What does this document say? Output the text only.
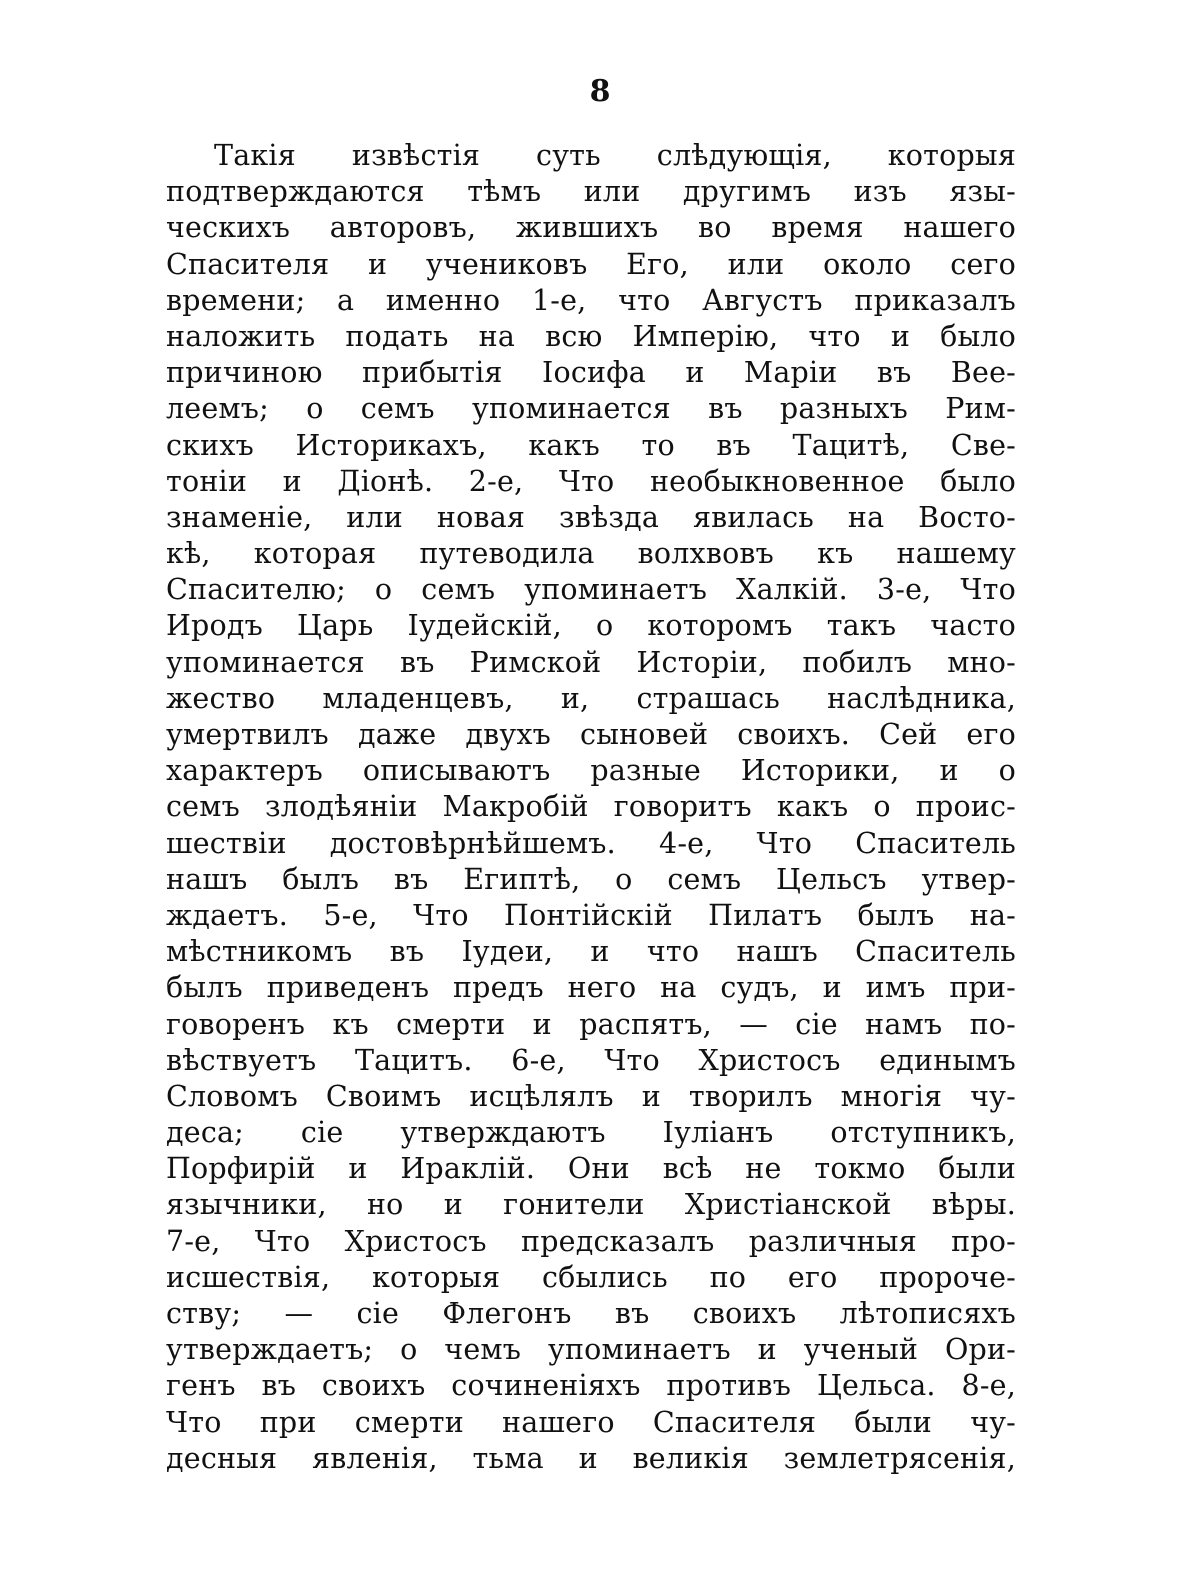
8
Такія извѣстія суть слѣдующія, которыя
подтверждаются тѣмъ или другимъ изъ язы-
ческихъ авторовъ, жившихъ во время нашего
Спасителя и учениковъ Его, или около сего
времени; а именно 1-е, что Августъ приказалъ
наложить подать на всю Имперію, что и было
причиною прибытія Іосифа и Маріи въ Вее-
леемъ; о семъ упоминается въ разныхъ Рим-
скихъ Историкахъ, какъ то въ Тацитѣ, Све-
тоніи и Діонѣ. 2-е, Что необыкновенное было
знаменіе, или новая звѣзда явилась на Восто-
кѣ, которая путеводила волхвовъ къ нашему
Спасителю; о семъ упоминаетъ Халкій. 3-е, Что
Иродъ Царь Іудейскій, о которомъ такъ часто
упоминается въ Римской Исторіи, побилъ мно-
жество младенцевъ, и, страшась наслѣдника,
умертвилъ даже двухъ сыновей своихъ. Сей его
характеръ описываютъ разные Историки, и о
семъ злодѣяніи Макробій говоритъ какъ о проис-
шествіи достовѣрнѣйшемъ. 4-е, Что Спаситель
нашъ былъ въ Египтѣ, о семъ Цельсъ утвер-
ждаетъ. 5-е, Что Понтійскій Пилатъ былъ на-
мѣстникомъ въ Іудеи, и что нашъ Спаситель
былъ приведенъ предъ него на судъ, и имъ при-
говоренъ къ смерти и распятъ, — сіе намъ по-
вѣствуетъ Тацитъ. 6-е, Что Христосъ единымъ
Словомъ Своимъ исцѣлялъ и творилъ многія чу-
деса; сіе утверждаютъ Іуліанъ отступникъ,
Порфирій и Ираклій. Они всѣ не токмо были
язычники, но и гонители Христіанской вѣры.
7-е, Что Христосъ предсказалъ различныя про-
исшествія, которыя сбылись по его пророче-
ству; — сіе Флегонъ въ своихъ лѣтописяхъ
утверждаетъ; о чемъ упоминаетъ и ученый Ори-
генъ въ своихъ сочиненіяхъ противъ Цельса. 8-е,
Что при смерти нашего Спасителя были чу-
десныя явленія, тьма и великія землетрясенія,
